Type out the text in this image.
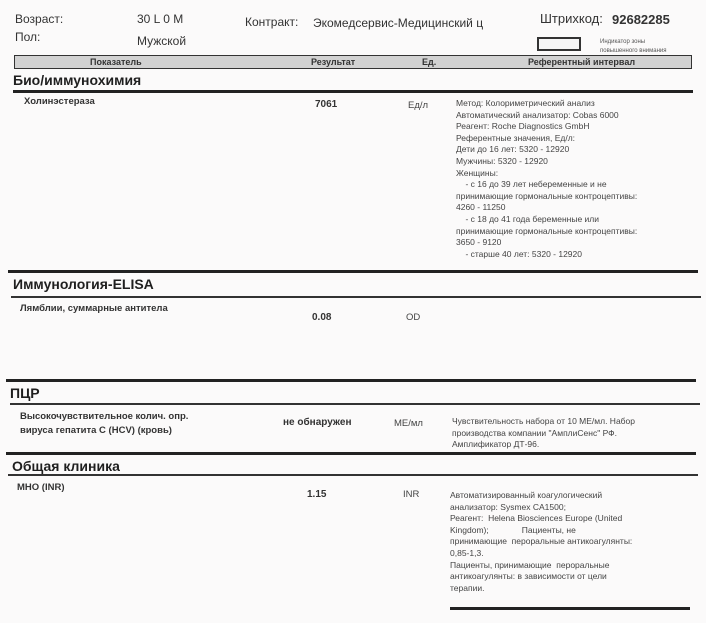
Возраст:	30 L 0 M
Пол:	Мужской
Контракт: Экомедсервис-Медицинский ц	Штрихкод: 92682285
Индикатор зоны
повышенного внимания
Показатель	Результат	Ед.	Референтный интервал
Био/иммунохимия
Холинэстераза	7061	Ед/л	Метод: Колориметрический анализ
Автоматический анализатор: Cobas 6000
Реагент: Roche Diagnostics GmbH
Референтные значения, Ед/л:
Дети до 16 лет: 5320 - 12920
Мужчины: 5320 - 12920
Женщины:
- с 16 до 39 лет небеременные и не
принимающие гормональные контроцептивы:
4260 - 11250
- с 18 до 41 года беременные или
принимающие гормональные контроцептивы:
3650 - 9120
- старше 40 лет: 5320 - 12920
Иммунология-ELISA
Лямблии, суммарные антитела
0.08	OD
ПЦР
Высокочувствительное колич. опр.
вируса гепатита С (HCV) (кровь)
не обнаружен	МЕ/мл	Чувствительность набора от 10 МЕ/мл. Набор
производства компании "АмплиСенс" РФ.
Амплификатор ДТ-96.
Общая клиника
МНО (INR)
1.15	INR	Автоматизированный коагулогический
анализатор: Sysmex CA1500;
Реагент:  Helena Biosciences Europe (United
Kingdom);              Пациенты, не
принимающие  пероральные антикоагулянты:
0,85-1,3.
Пациенты, принимающие  пероральные
антикоагулянты: в зависимости от цели
терапии.
